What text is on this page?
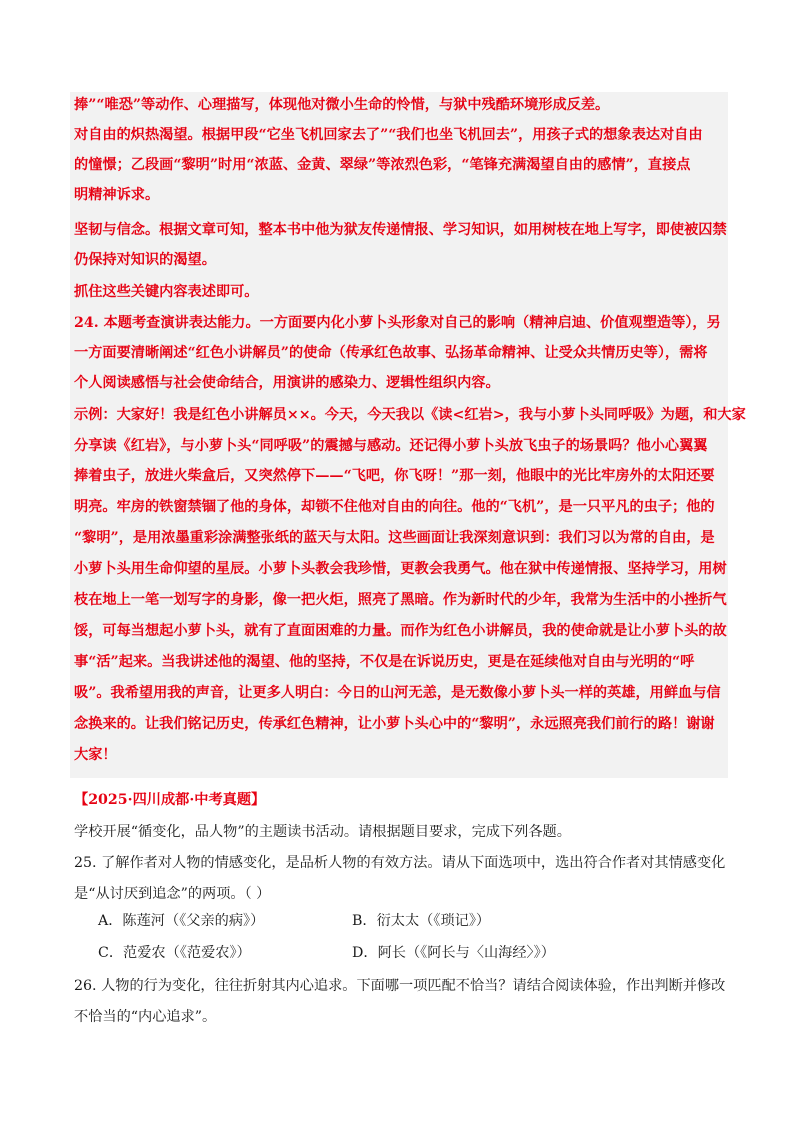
捧”“唯恐”等动作、心理描写，体现他对微小生命的怜惜，与狱中残酷环境形成反差。
对自由的炽热渴望。根据甲段“它坐飞机回家去了”“我们也坐飞机回去”，用孩子式的想象表达对自由
的憧憬；乙段画“黎明”时用“浓蓝、金黄、翠绿”等浓烈色彩，“笔锋充满渴望自由的感情”，直接点
明精神诉求。
坚韧与信念。根据文章可知，整本书中他为狱友传递情报、学习知识，如用树枝在地上写字，即使被囚禁
仍保持对知识的渴望。
抓住这些关键内容表述即可。
24. 本题考查演讲表达能力。一方面要内化小萝卜头形象对自己的影响（精神启迪、价值观塑造等），另
一方面要清晰阐述“红色小讲解员”的使命（传承红色故事、弘扬革命精神、让受众共情历史等），需将
个人阅读感悟与社会使命结合，用演讲的感染力、逻辑性组织内容。
示例：大家好！我是红色小讲解员××。今天，今天我以《读<红岩>，我与小萝卜头同呼吸》为题，和大家
分享读《红岩》，与小萝卜头“同呼吸”的震撼与感动。还记得小萝卜头放飞虫子的场景吗？他小心翼翼
捧着虫子，放进火柴盒后，又突然停下——“飞吧，你飞呀！”那一刻，他眼中的光比牢房外的太阳还要
明亮。牢房的铁窗禁锢了他的身体，却锁不住他对自由的向往。他的“飞机”，是一只平凡的虫子；他的
“黎明”，是用浓墨重彩涂满整张纸的蓝天与太阳。这些画面让我深刻意识到：我们习以为常的自由，是
小萝卜头用生命仰望的星辰。小萝卜头教会我珍惜，更教会我勇气。他在狱中传递情报、坚持学习，用树
枝在地上一笔一划写字的身影，像一把火炬，照亮了黑暗。作为新时代的少年，我常为生活中的小挫折气
馁，可每当想起小萝卜头，就有了直面困难的力量。而作为红色小讲解员，我的使命就是让小萝卜头的故
事“活”起来。当我讲述他的渴望、他的坚持，不仅是在诉说历史，更是在延续他对自由与光明的“呼
吸”。我希望用我的声音，让更多人明白：今日的山河无恙，是无数像小萝卜头一样的英雄，用鲜血与信
念换来的。让我们铭记历史，传承红色精神，让小萝卜头心中的“黎明”，永远照亮我们前行的路！谢谢
大家！
【2025·四川成都·中考真题】
学校开展“循变化，品人物”的主题读书活动。请根据题目要求，完成下列各题。
25. 了解作者对人物的情感变化，是品析人物的有效方法。请从下面选项中，选出符合作者对其情感变化
是“从讨厌到追念”的两项。（ ）
A．陈莲河（《父亲的病》）	B．衍太太（《琐记》）
C．范爱农（《范爱农》）	D．阿长（《阿长与〈山海经〉》）
26. 人物的行为变化，往往折射其内心追求。下面哪一项匹配不恰当？请结合阅读体验，作出判断并修改
不恰当的“内心追求”。
